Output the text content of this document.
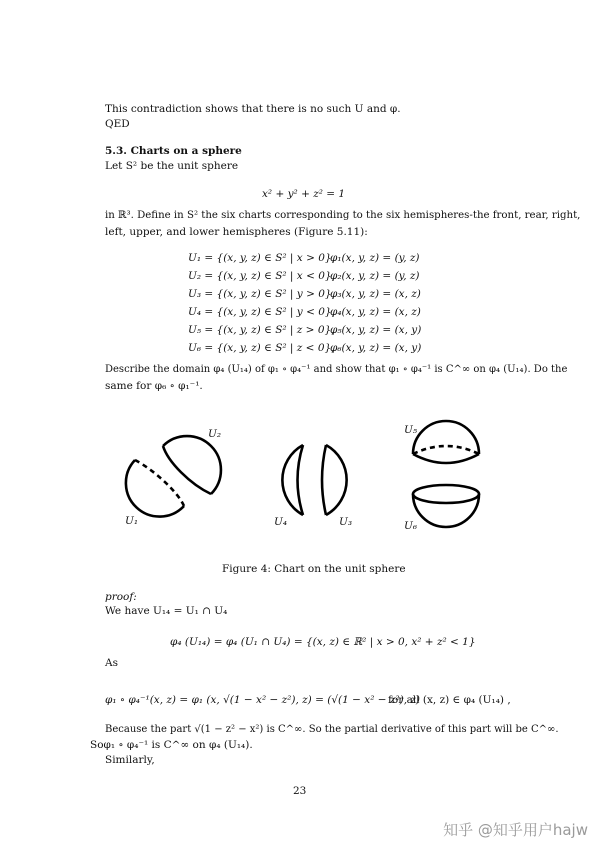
This contradiction shows that there is no such U and φ.
QED
5.3. Charts on a sphere
Let S² be the unit sphere
x² + y² + z² = 1
in ℝ³. Define in S² the six charts corresponding to the six hemispheres-the front, rear, right,
left, upper, and lower hemispheres (Figure 5.11):
U₁ = {(x, y, z) ∈ S² | x > 0},
φ₁(x, y, z) = (y, z)
U₂ = {(x, y, z) ∈ S² | x < 0},
φ₂(x, y, z) = (y, z)
U₃ = {(x, y, z) ∈ S² | y > 0},
φ₃(x, y, z) = (x, z)
U₄ = {(x, y, z) ∈ S² | y < 0},
φ₄(x, y, z) = (x, z)
U₅ = {(x, y, z) ∈ S² | z > 0},
φ₅(x, y, z) = (x, y)
U₆ = {(x, y, z) ∈ S² | z < 0},
φ₆(x, y, z) = (x, y)
Describe the domain φ₄ (U₁₄) of φ₁ ∘ φ₄⁻¹ and show that φ₁ ∘ φ₄⁻¹ is C^∞ on φ₄ (U₁₄). Do the
same for φ₆ ∘ φ₁⁻¹.
U₂
U₁	U₄	U₃
U₅
U₆
Figure 4: Chart on the unit sphere
proof:
We have U₁₄ = U₁ ∩ U₄
φ₄ (U₁₄) = φ₄ (U₁ ∩ U₄) = {(x, z) ∈ ℝ² | x > 0, x² + z² < 1}
As
φ₁ ∘ φ₄⁻¹(x, z) = φ₁ (x, √(1 − x² − z²), z) = (√(1 − x² − z²), z)
for all (x, z) ∈ φ₄ (U₁₄) ,
Because the part √(1 − z² − x²) is C^∞. So the partial derivative of this part will be C^∞.
Soφ₁ ∘ φ₄⁻¹ is C^∞ on φ₄ (U₁₄).
Similarly,
23
知乎 @知乎用户hajw
